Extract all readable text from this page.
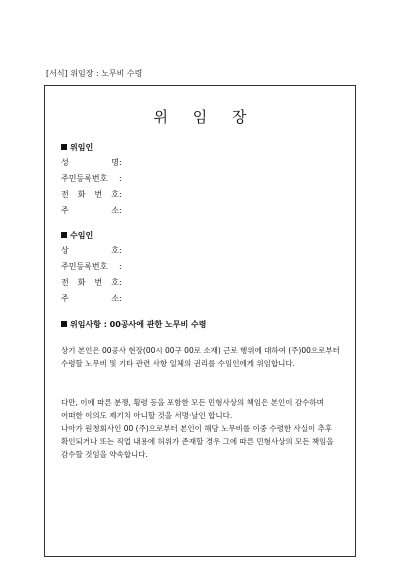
[서식] 위임장 : 노무비 수령
위 임 장
위임인
성 명:
주민등록번호 :
전 화 번 호:
주 소:
수임인
상 호:
주민등록번호 :
전 화 번 호:
주 소:
위임사항 : 00공사에 관한 노무비 수령
상기 본인은 00공사 현장(00시 00구 00로 소재) 근로 행위에 대하여 (주)00으로부터 수령할 노무비 및 기타 관련 사항 일체의 권리를 수임인에게 위임합니다.
다만, 이에 따른 분쟁, 횡령 등을 포함한 모든 민형사상의 책임은 본인이 감수하며 어떠한 이의도 제기치 아니할 것을 서명·날인 합니다.
나아가 원청회사인 00 (주)으로부터 본인이 해당 노무비를 이중 수령한 사실이 추후 확인되거나 또는 직업 내용에 허위가 존재할 경우 그에 따른 민형사상의 모든 책임을 감수할 것임을 약속합니다.
